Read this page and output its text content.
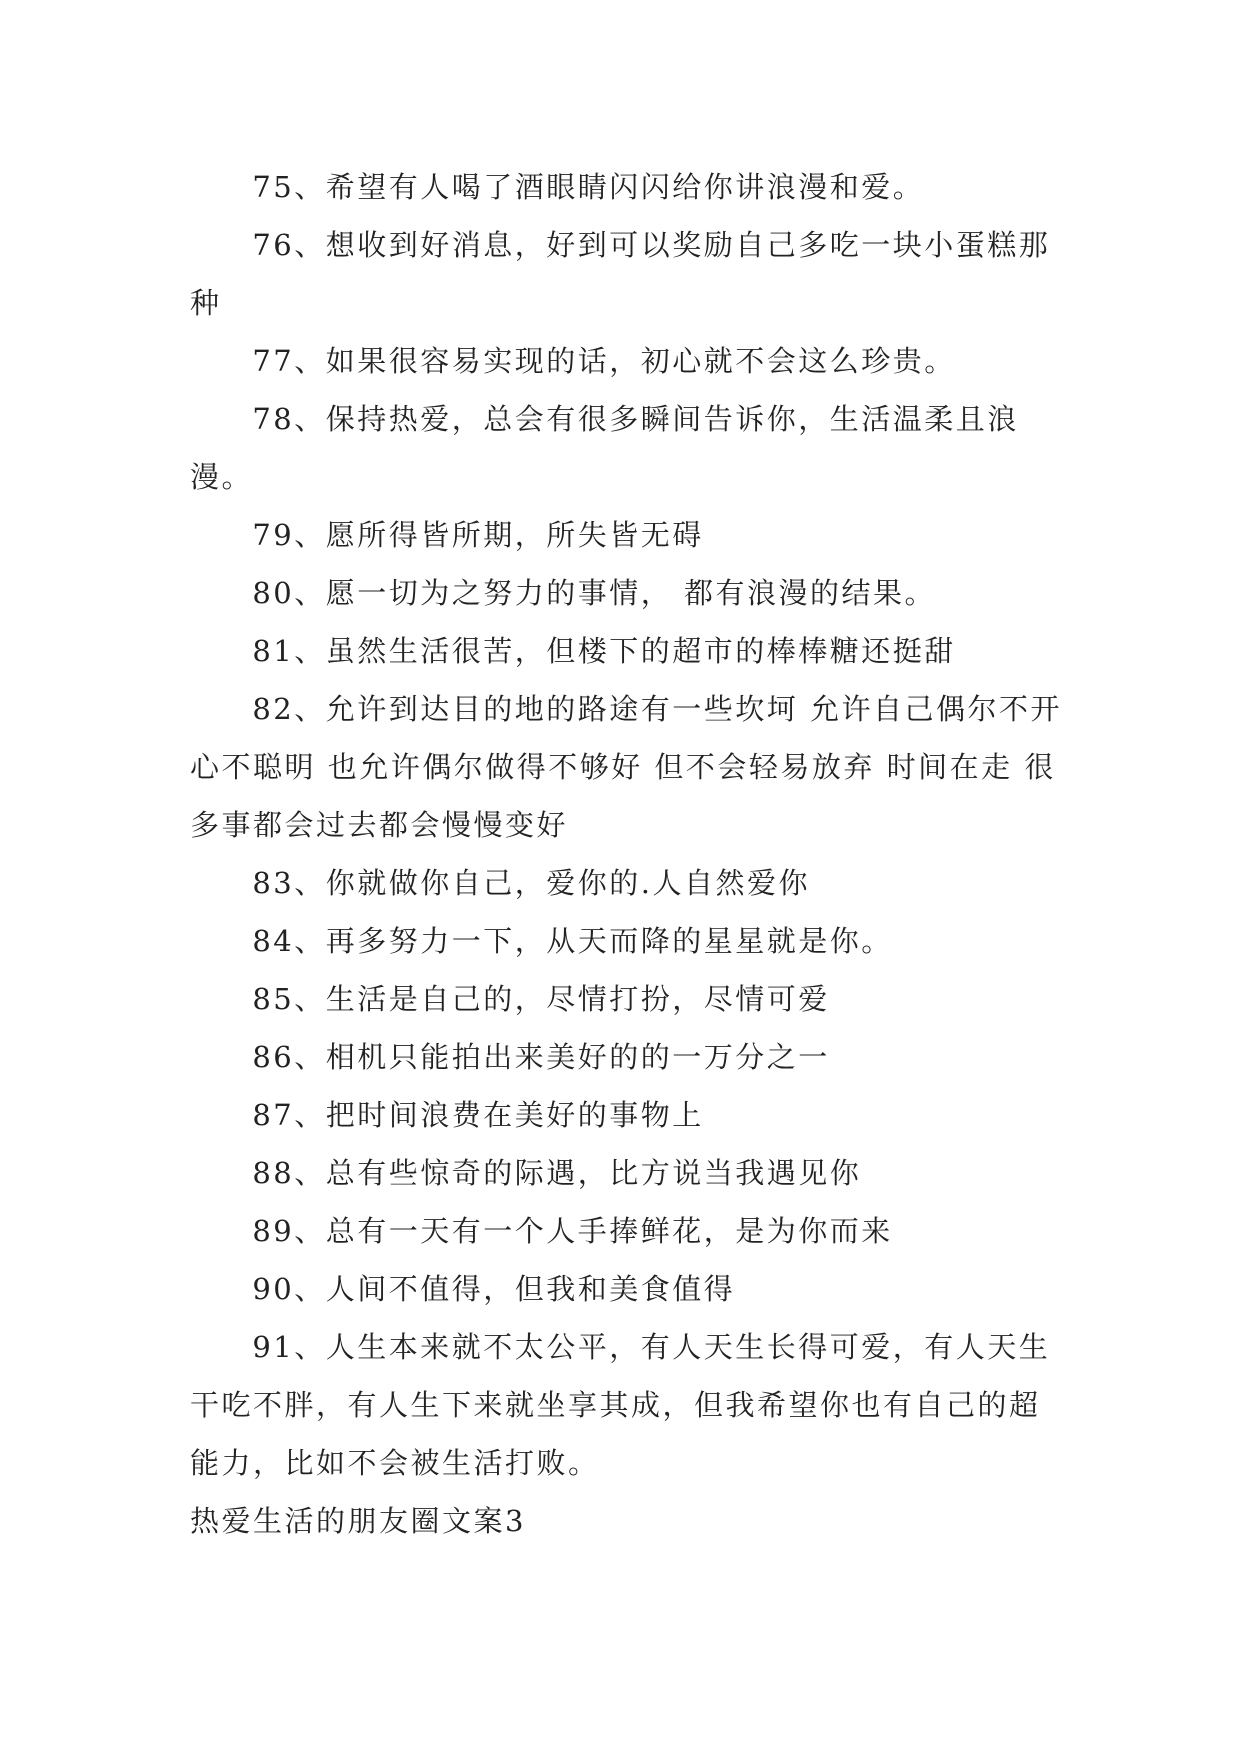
75、希望有人喝了酒眼睛闪闪给你讲浪漫和爱。

76、想收到好消息，好到可以奖励自己多吃一块小蛋糕那种

77、如果很容易实现的话，初心就不会这么珍贵。

78、保持热爱，总会有很多瞬间告诉你，生活温柔且浪漫。

79、愿所得皆所期，所失皆无碍

80、愿一切为之努力的事情， 都有浪漫的结果。

81、虽然生活很苦，但楼下的超市的棒棒糖还挺甜

82、允许到达目的地的路途有一些坎坷 允许自己偶尔不开心不聪明 也允许偶尔做得不够好 但不会轻易放弃 时间在走 很多事都会过去都会慢慢变好

83、你就做你自己，爱你的.人自然爱你

84、再多努力一下，从天而降的星星就是你。

85、生活是自己的，尽情打扮，尽情可爱

86、相机只能拍出来美好的的一万分之一

87、把时间浪费在美好的事物上

88、总有些惊奇的际遇，比方说当我遇见你

89、总有一天有一个人手捧鲜花，是为你而来

90、人间不值得，但我和美食值得

91、人生本来就不太公平，有人天生长得可爱，有人天生干吃不胖，有人生下来就坐享其成，但我希望你也有自己的超能力，比如不会被生活打败。

热爱生活的朋友圈文案3
